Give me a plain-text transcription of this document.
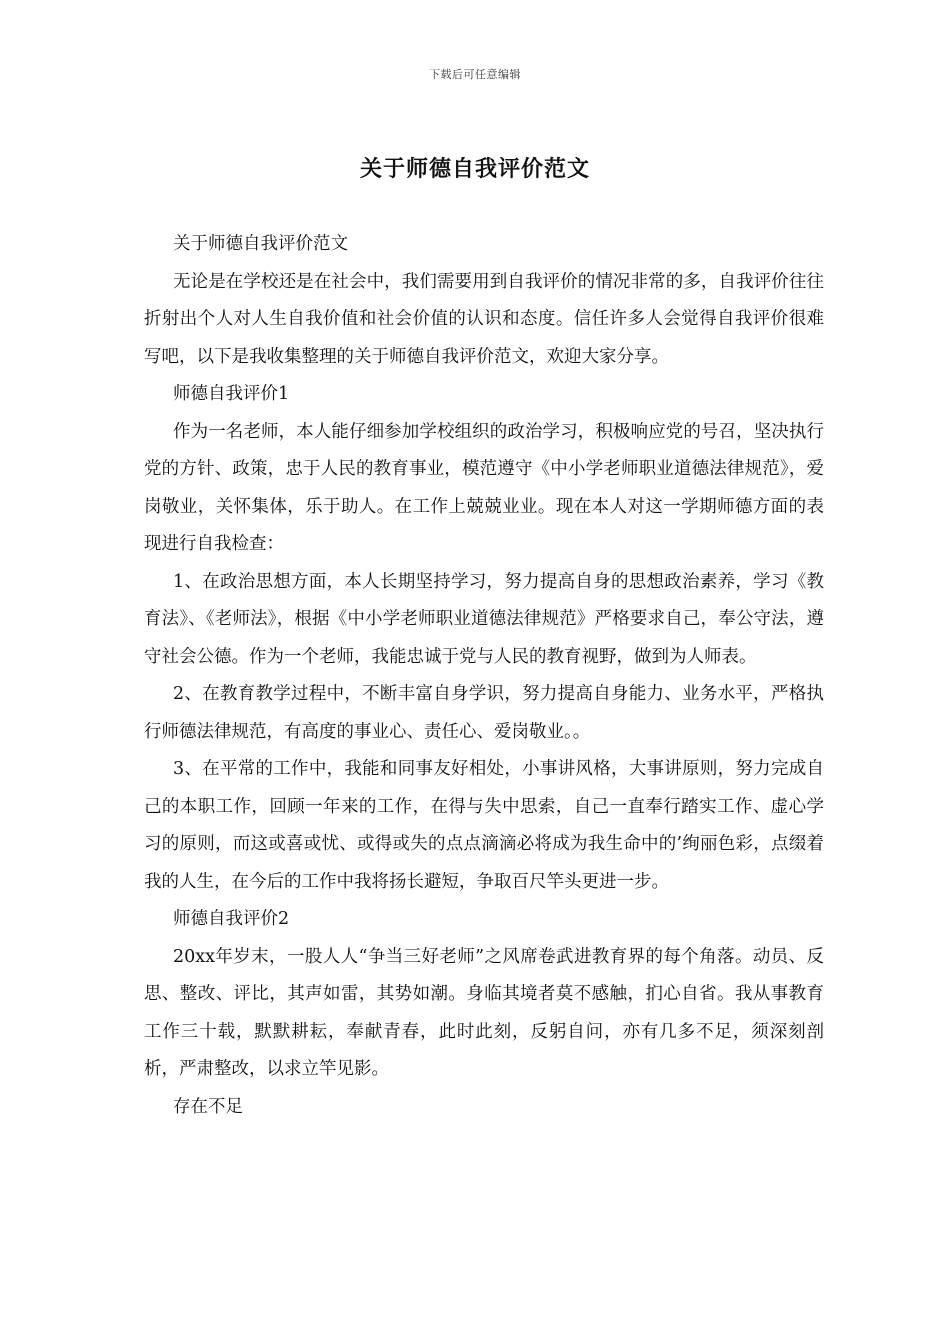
下载后可任意编辑
关于师德自我评价范文

关于师德自我评价范文

无论是在学校还是在社会中，我们需要用到自我评价的情况非常的多，自我评价往往折射出个人对人生自我价值和社会价值的认识和态度。信任许多人会觉得自我评价很难写吧，以下是我收集整理的关于师德自我评价范文，欢迎大家分享。

师德自我评价1

作为一名老师，本人能仔细参加学校组织的政治学习，积极响应党的号召，坚决执行党的方针、政策，忠于人民的教育事业，模范遵守《中小学老师职业道德法律规范》，爱岗敬业，关怀集体，乐于助人。在工作上兢兢业业。现在本人对这一学期师德方面的表现进行自我检查：

1、在政治思想方面，本人长期坚持学习，努力提高自身的思想政治素养，学习《教育法》、《老师法》，根据《中小学老师职业道德法律规范》严格要求自己，奉公守法，遵守社会公德。作为一个老师，我能忠诚于党与人民的教育视野，做到为人师表。

2、在教育教学过程中，不断丰富自身学识，努力提高自身能力、业务水平，严格执行师德法律规范，有高度的事业心、责任心、爱岗敬业。。

3、在平常的工作中，我能和同事友好相处，小事讲风格，大事讲原则，努力完成自己的本职工作，回顾一年来的工作，在得与失中思索，自己一直奉行踏实工作、虚心学习的原则，而这或喜或忧、或得或失的点点滴滴必将成为我生命中的’绚丽色彩，点缀着我的人生，在今后的工作中我将扬长避短，争取百尺竿头更进一步。

师德自我评价2

20xx年岁末，一股人人“争当三好老师”之风席卷武进教育界的每个角落。动员、反思、整改、评比，其声如雷，其势如潮。身临其境者莫不感触，扪心自省。我从事教育工作三十载，默默耕耘，奉献青春，此时此刻，反躬自问，亦有几多不足，须深刻剖析，严肃整改，以求立竿见影。

存在不足
